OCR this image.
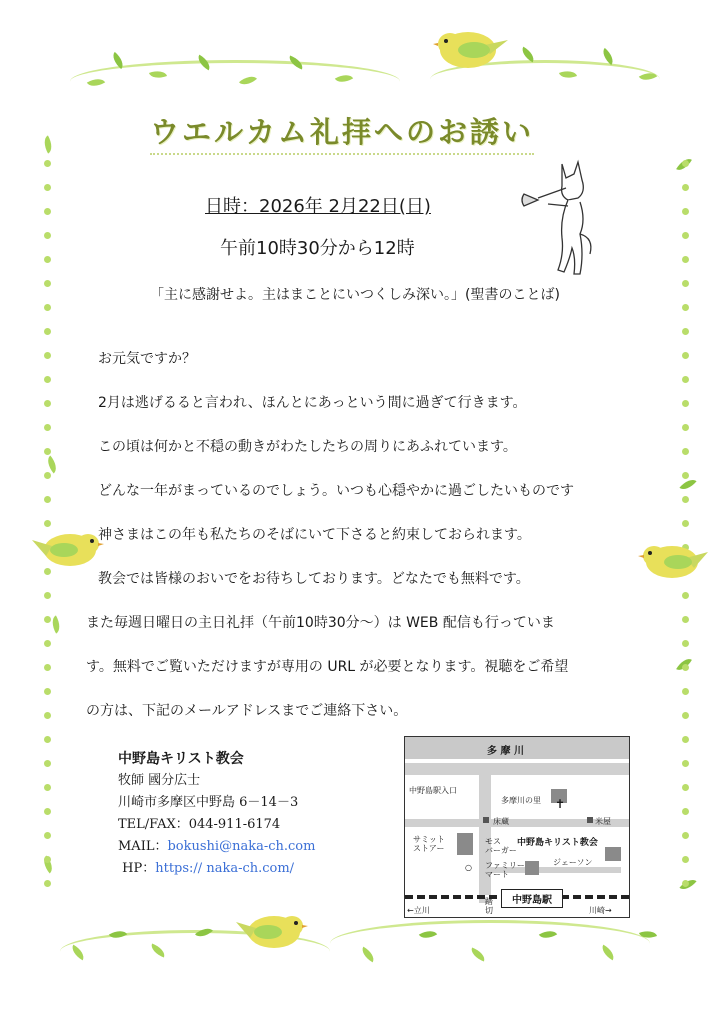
ウエルカム礼拝へのお誘い
日時：2026年 2月22日(日)
午前10時30分から12時
「主に感謝せよ。主はまことにいつくしみ深い。」(聖書のことば)
お元気ですか？
2月は逃げるると言われ、ほんとにあっという間に過ぎて行きます。
この頃は何かと不穏の動きがわたしたちの周りにあふれています。
どんな一年がまっているのでしょう。いつも心穏やかに過ごしたいものです
神さまはこの年も私たちのそばにいて下さると約束しておられます。
教会では皆様のおいでをお待ちしております。どなたでも無料です。
また毎週日曜日の主日礼拝（午前10時30分～）は WEB 配信も行っていま
す。無料でご覧いただけますが専用の URL が必要となります。視聴をご希望
の方は、下記のメールアドレスまでご連絡下さい。
中野島キリスト教会
牧師 國分広士
川崎市多摩区中野島 6－14－3
TEL/FAX：044-911-6174
MAIL：bokushi@naka-ch.com
HP：https:// naka-ch.com/
多 摩 川
中野島駅入口
多摩川の里
米屋
床蔵
サミット
ストアー
モス
バーガー
✝
中野島キリスト教会
ファミリー
マート
ジェーソン
○
中野島駅
踏
切
←立川	川崎→
